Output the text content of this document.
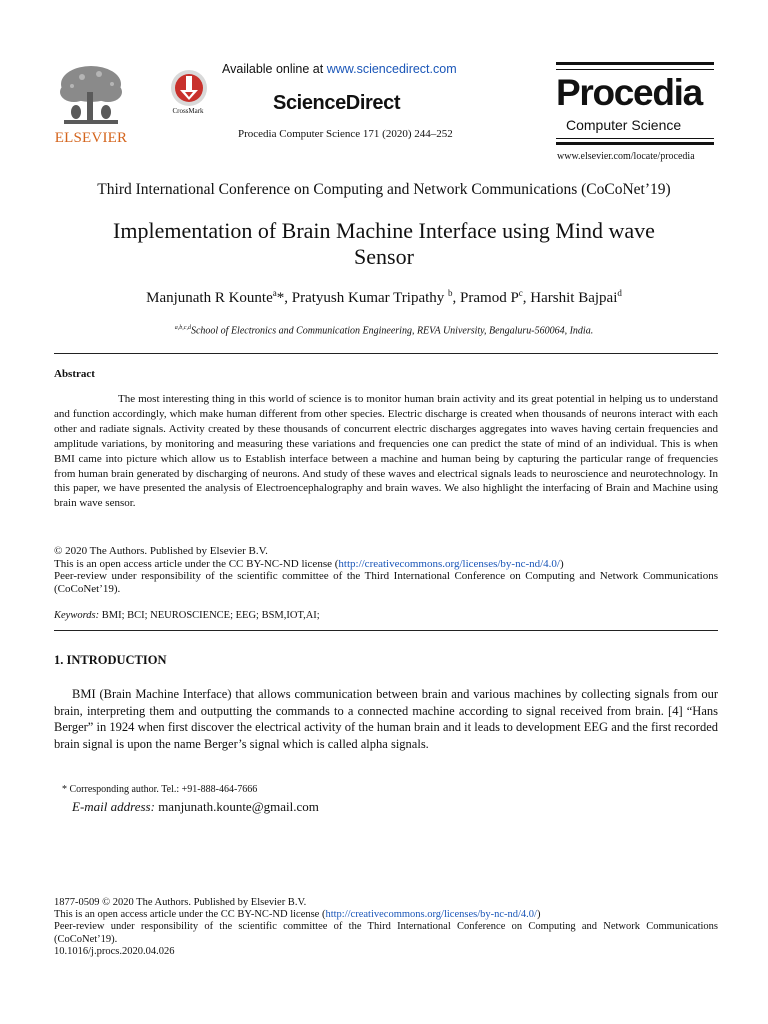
ELSEVIER
CrossMark
Available online at www.sciencedirect.com
ScienceDirect
Procedia Computer Science 171 (2020) 244–252
Procedia
Computer Science
www.elsevier.com/locate/procedia
Third International Conference on Computing and Network Communications (CoCoNet’19)
Implementation of Brain Machine Interface using Mind wave
Sensor
Manjunath R Kounte$^a$*, Pratyush Kumar Tripathy $^b$, Pramod $P^c$, Harshit Bajpai$^d$
$^{a,b,c,d}$School of Electronics and Communication Engineering, REVA University, Bengaluru-560064, India.
Abstract

The most interesting thing in this world of science is to monitor human brain activity and its great potential in helping us to understand and function accordingly, which make human different from other species. Electric discharge is created when thousands of neurons interact with each other and radiate signals. Activity created by these thousands of concurrent electric discharges aggregates into waves having certain frequencies and amplitude variations, by monitoring and measuring these variations and frequencies one can predict the state of mind of an individual. This is when BMI came into picture which allow us to Establish interface between a machine and human being by capturing the particular range of frequencies from human brain generated by discharging of neurons. And study of these waves and electrical signals leads to neuroscience and neurotechnology. In this paper, we have presented the analysis of Electroencephalography and brain waves. We also highlight the interfacing of Brain and Machine using brain wave sensor.

© 2020 The Authors. Published by Elsevier B.V.
This is an open access article under the CC BY-NC-ND license (http://creativecommons.org/licenses/by-nc-nd/4.0/)
Peer-review under responsibility of the scientific committee of the Third International Conference on Computing and Network Communications (CoCoNet’19).
Keywords: BMI; BCI; NEUROSCIENCE; EEG; BSM,IOT,AI;
1. INTRODUCTION

BMI (Brain Machine Interface) that allows communication between brain and various machines by collecting signals from our brain, interpreting them and outputting the commands to a connected machine according to signal received from brain. [4] “Hans Berger” in 1924 when first discover the electrical activity of the human brain and it leads to development EEG and the first recorded brain signal is upon the name Berger’s signal which is called alpha signals.

* Corresponding author. Tel.: +91-888-464-7666
E-mail address: manjunath.kounte@gmail.com
1877-0509 © 2020 The Authors. Published by Elsevier B.V.
This is an open access article under the CC BY-NC-ND license (http://creativecommons.org/licenses/by-nc-nd/4.0/)
Peer-review under responsibility of the scientific committee of the Third International Conference on Computing and Network Communications (CoCoNet’19).
10.1016/j.procs.2020.04.026
